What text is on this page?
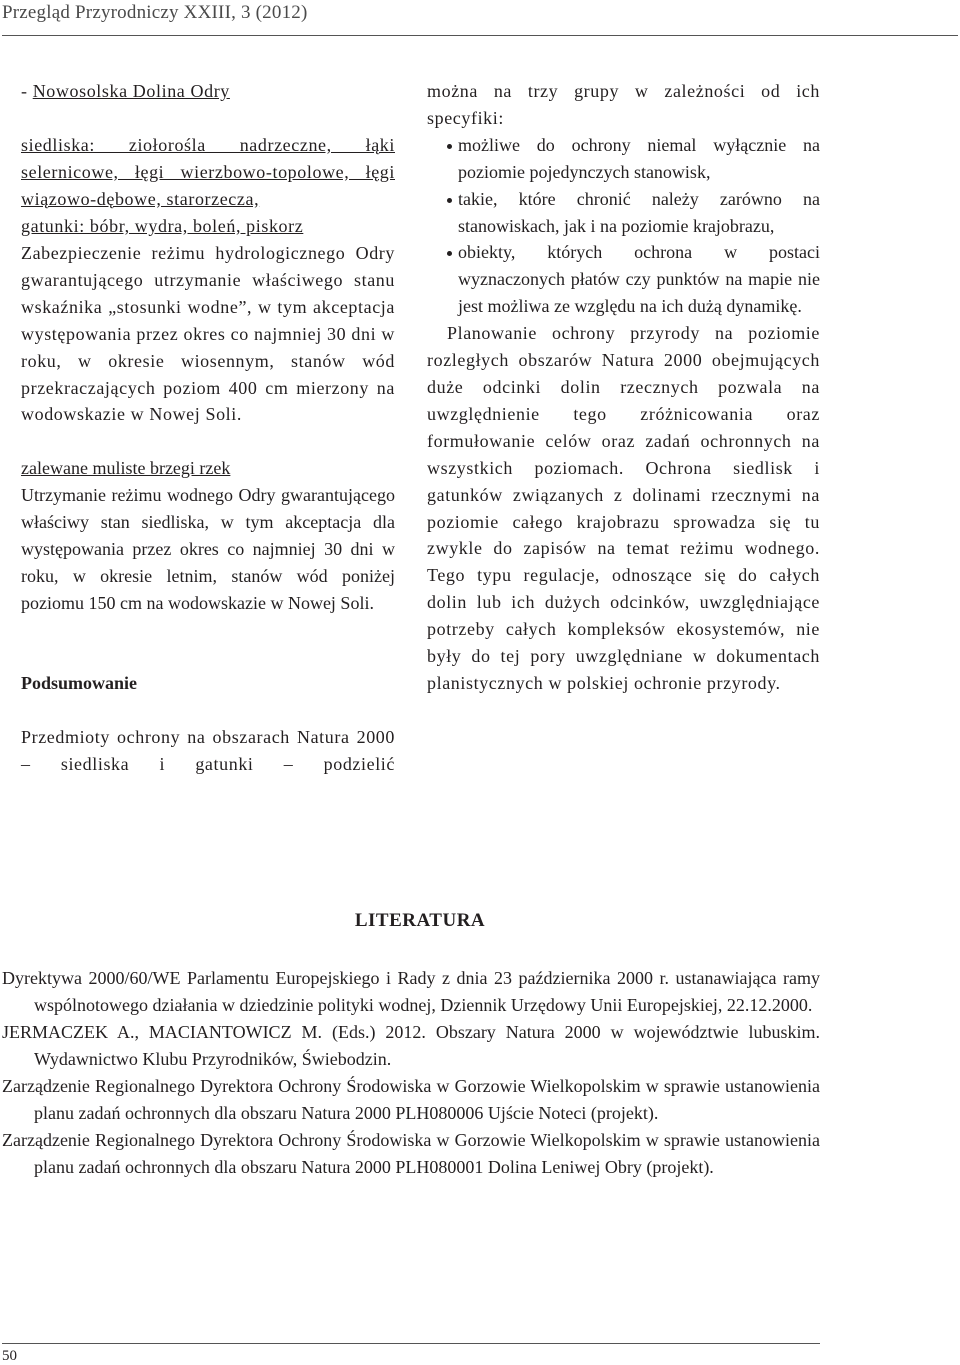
Przegląd Przyrodniczy XXIII, 3 (2012)

- Nowosolska Dolina Odry

siedliska: ziołorośla nadrzeczne, łąki selernicowe, łęgi wierzbowo-topolowe, łęgi wiązowo-dębowe, starorzecza,

gatunki: bóbr, wydra, boleń, piskorz

Zabezpieczenie reżimu hydrologicznego Odry gwarantującego utrzymanie właściwego stanu wskaźnika „stosunki wodne”, w tym akceptacja występowania przez okres co najmniej 30 dni w roku, w okresie wiosennym, stanów wód przekraczających poziom 400 cm mierzony na wodowskazie w Nowej Soli.

zalewane muliste brzegi rzek

Utrzymanie reżimu wodnego Odry gwarantującego właściwy stan siedliska, w tym akceptacja dla występowania przez okres co najmniej 30 dni w roku, w okresie letnim, stanów wód poniżej poziomu 150 cm na wodowskazie w Nowej Soli.

Podsumowanie

Przedmioty ochrony na obszarach Natura 2000 – siedliska i gatunki – podzielić

można na trzy grupy w zależności od ich specyfiki:

możliwe do ochrony niemal wyłącznie na poziomie pojedynczych stanowisk,
takie, które chronić należy zarówno na stanowiskach, jak i na poziomie krajobrazu,
obiekty, których ochrona w postaci wyznaczonych płatów czy punktów na mapie nie jest możliwa ze względu na ich dużą dynamikę.

Planowanie ochrony przyrody na poziomie rozległych obszarów Natura 2000 obejmujących duże odcinki dolin rzecznych pozwala na uwzględnienie tego zróżnicowania oraz formułowanie celów oraz zadań ochronnych na wszystkich poziomach. Ochrona siedlisk i gatunków związanych z dolinami rzecznymi na poziomie całego krajobrazu sprowadza się tu zwykle do zapisów na temat reżimu wodnego. Tego typu regulacje, odnoszące się do całych dolin lub ich dużych odcinków, uwzględniające potrzeby całych kompleksów ekosystemów, nie były do tej pory uwzględniane w dokumentach planistycznych w polskiej ochronie przyrody.

LITERATURA

Dyrektywa 2000/60/WE Parlamentu Europejskiego i Rady z dnia 23 października 2000 r. ustanawiająca ramy wspólnotowego działania w dziedzinie polityki wodnej, Dziennik Urzędowy Unii Europejskiej, 22.12.2000.

JERMACZEK A., MACIANTOWICZ M. (Eds.) 2012. Obszary Natura 2000 w województwie lubuskim. Wydawnictwo Klubu Przyrodników, Świebodzin.

Zarządzenie Regionalnego Dyrektora Ochrony Środowiska w Gorzowie Wielkopolskim w sprawie ustanowienia planu zadań ochronnych dla obszaru Natura 2000 PLH080006 Ujście Noteci (projekt).

Zarządzenie Regionalnego Dyrektora Ochrony Środowiska w Gorzowie Wielkopolskim w sprawie ustanowienia planu zadań ochronnych dla obszaru Natura 2000 PLH080001 Dolina Leniwej Obry (projekt).

50
